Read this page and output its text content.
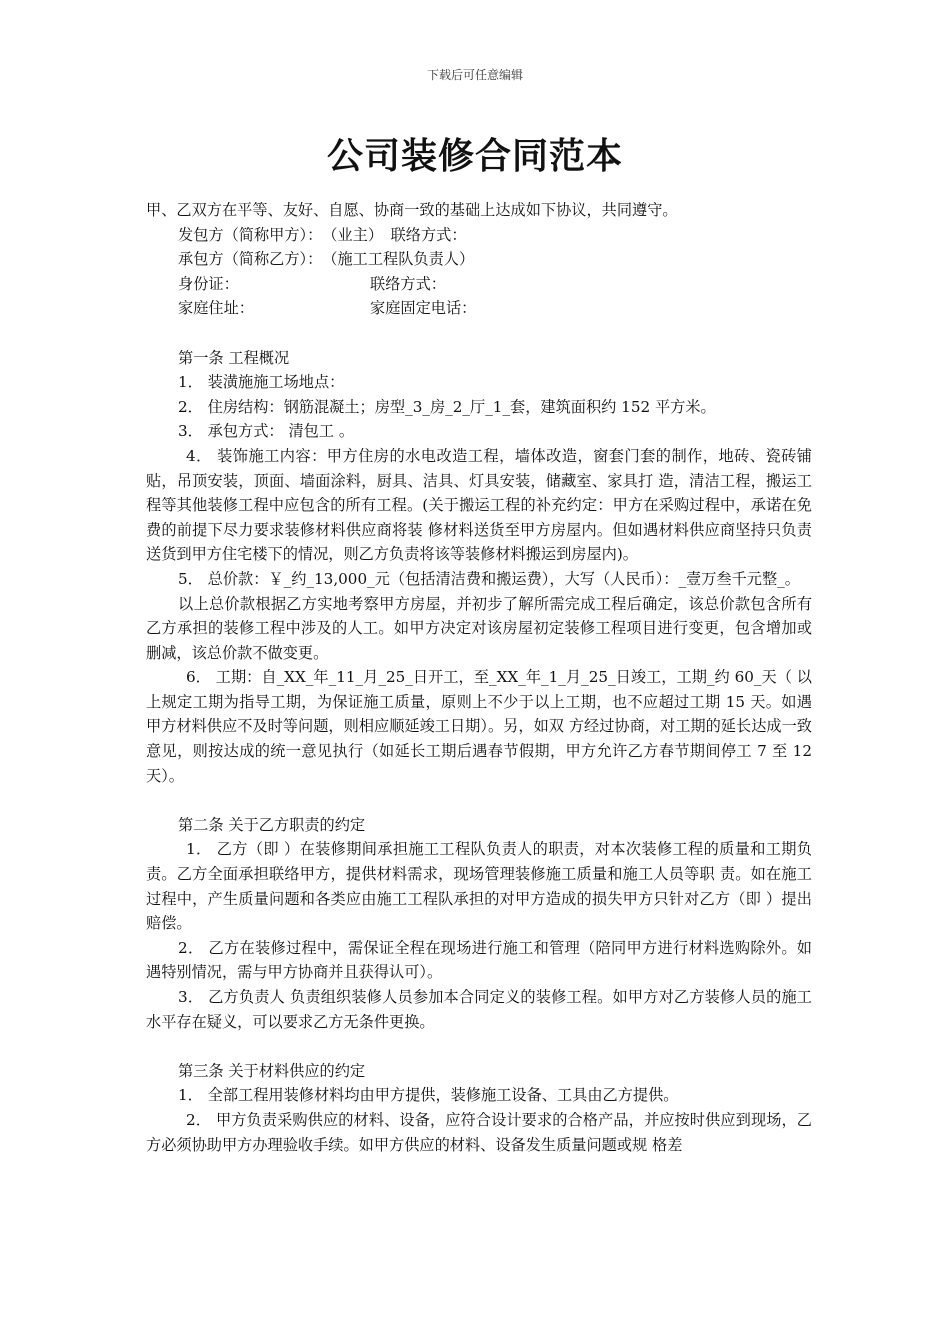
下载后可任意编辑
公司装修合同范本

甲、乙双方在平等、友好、自愿、协商一致的基础上达成如下协议，共同遵守。

发包方（简称甲方）：　（业主）　联络方式：

承包方（简称乙方）：　（施工工程队负责人）

身份证：	联络方式：
家庭住址：	家庭固定电话：

第一条 工程概况

1． 装潢施施工场地点：

2． 住房结构：钢筋混凝土；房型_3_房_2_厅_1_套，建筑面积约 152 平方米。

3． 承包方式： 清包工 。

4． 装饰施工内容：甲方住房的水电改造工程，墙体改造，窗套门套的制作，地砖、瓷砖铺贴，吊顶安装，顶面、墙面涂料，厨具、洁具、灯具安装，储藏室、家具打 造，清洁工程，搬运工程等其他装修工程中应包含的所有工程。(关于搬运工程的补充约定：甲方在采购过程中，承诺在免费的前提下尽力要求装修材料供应商将装 修材料送货至甲方房屋内。但如遇材料供应商坚持只负责送货到甲方住宅楼下的情况，则乙方负责将该等装修材料搬运到房屋内)。

5． 总价款：￥_约_13,000_元（包括清洁费和搬运费），大写（人民币）：_壹万叁千元整_。

以上总价款根据乙方实地考察甲方房屋，并初步了解所需完成工程后确定，该总价款包含所有乙方承担的装修工程中涉及的人工。如甲方决定对该房屋初定装修工程项目进行变更，包含增加或删减，该总价款不做变更。

6． 工期：自_XX_年_11_月_25_日开工，至_XX_年_1_月_25_日竣工，工期_约 60_天（ 以上规定工期为指导工期，为保证施工质量，原则上不少于以上工期，也不应超过工期 15 天。如遇甲方材料供应不及时等问题，则相应顺延竣工日期）。另，如双 方经过协商，对工期的延长达成一致意见，则按达成的统一意见执行（如延长工期后遇春节假期，甲方允许乙方春节期间停工 7 至 12 天）。

第二条 关于乙方职责的约定

1． 乙方（即 ）在装修期间承担施工工程队负责人的职责，对本次装修工程的质量和工期负责。乙方全面承担联络甲方，提供材料需求，现场管理装修施工质量和施工人员等职 责。如在施工过程中，产生质量问题和各类应由施工工程队承担的对甲方造成的损失甲方只针对乙方（即 ）提出赔偿。

2． 乙方在装修过程中，需保证全程在现场进行施工和管理（陪同甲方进行材料选购除外。如遇特别情况，需与甲方协商并且获得认可）。

3． 乙方负责人 负责组织装修人员参加本合同定义的装修工程。如甲方对乙方装修人员的施工水平存在疑义，可以要求乙方无条件更换。

第三条 关于材料供应的约定

1． 全部工程用装修材料均由甲方提供，装修施工设备、工具由乙方提供。

2． 甲方负责采购供应的材料、设备，应符合设计要求的合格产品，并应按时供应到现场，乙方必须协助甲方办理验收手续。如甲方供应的材料、设备发生质量问题或规 格差
